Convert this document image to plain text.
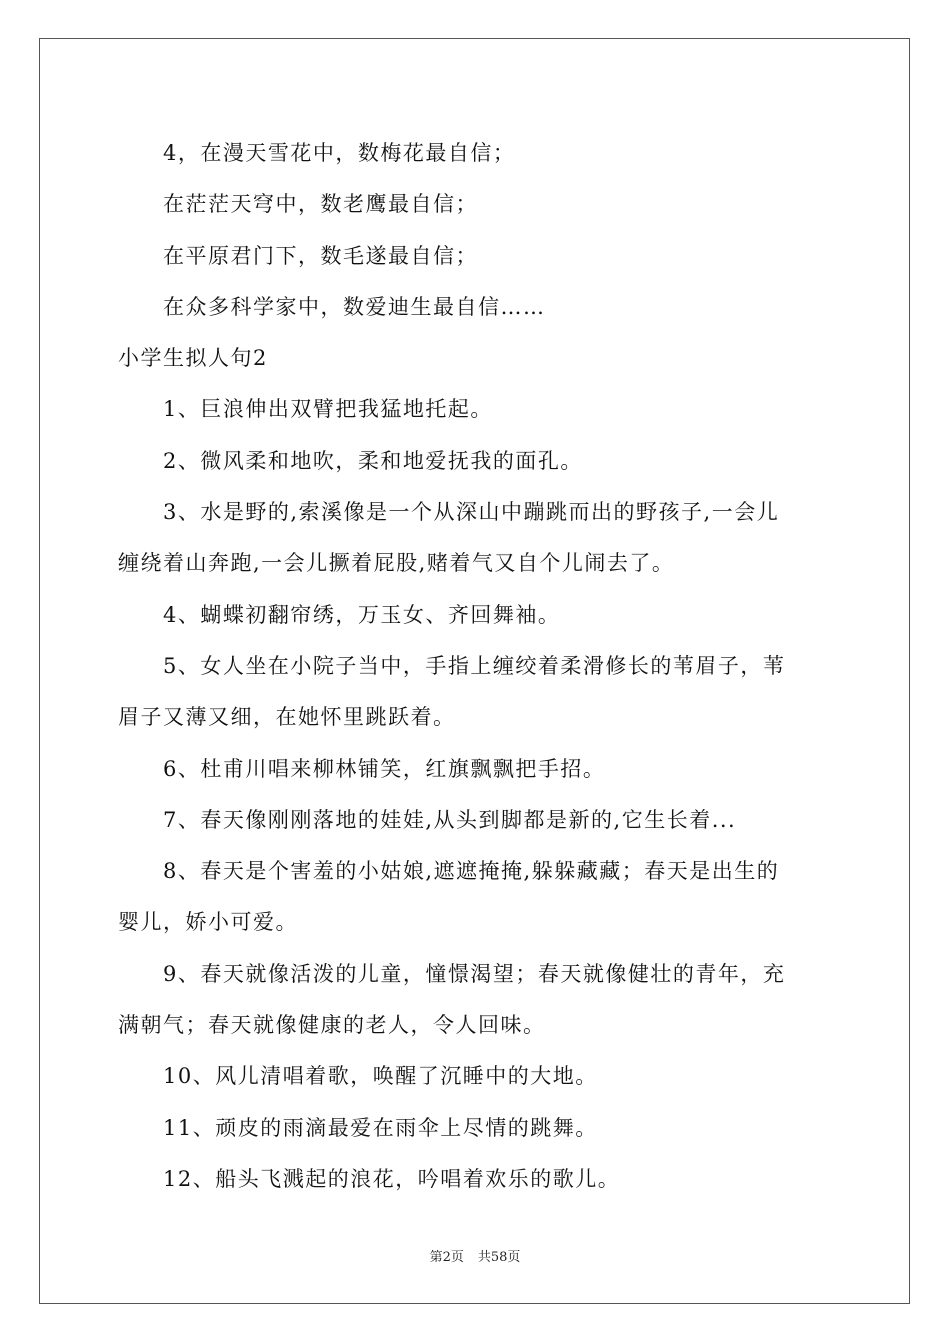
4，在漫天雪花中，数梅花最自信；

在茫茫天穹中，数老鹰最自信；

在平原君门下，数毛遂最自信；

在众多科学家中，数爱迪生最自信……

小学生拟人句2

1、巨浪伸出双臂把我猛地托起。

2、微风柔和地吹，柔和地爱抚我的面孔。

3、水是野的,索溪像是一个从深山中蹦跳而出的野孩子,一会儿

缠绕着山奔跑,一会儿撅着屁股,赌着气又自个儿闹去了。

4、蝴蝶初翻帘绣，万玉女、齐回舞袖。

5、女人坐在小院子当中，手指上缠绞着柔滑修长的苇眉子，苇

眉子又薄又细，在她怀里跳跃着。

6、杜甫川唱来柳林铺笑，红旗飘飘把手招。

7、春天像刚刚落地的娃娃,从头到脚都是新的,它生长着...

8、春天是个害羞的小姑娘,遮遮掩掩,躲躲藏藏；春天是出生的

婴儿，娇小可爱。

9、春天就像活泼的儿童，憧憬渴望；春天就像健壮的青年，充

满朝气；春天就像健康的老人，令人回味。

10、风儿清唱着歌，唤醒了沉睡中的大地。

11、顽皮的雨滴最爱在雨伞上尽情的跳舞。

12、船头飞溅起的浪花，吟唱着欢乐的歌儿。

第2页 共58页
